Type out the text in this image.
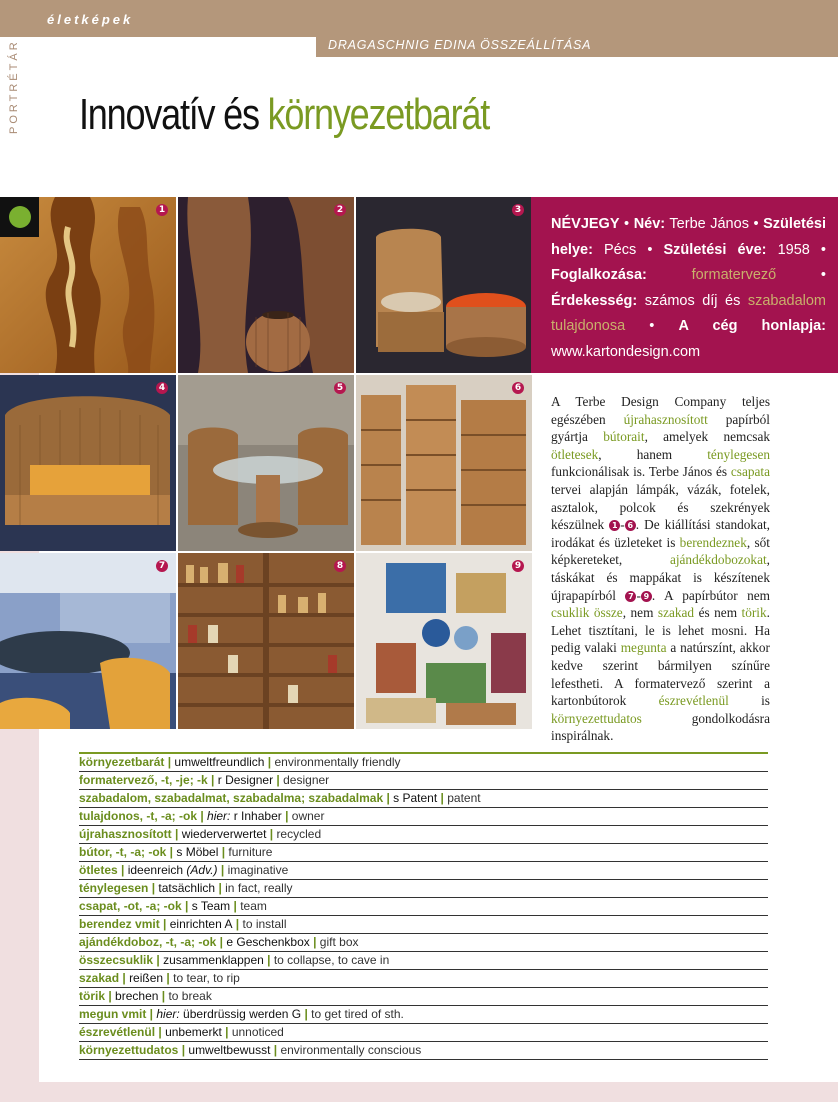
életképek
DRAGASCHNIG EDINA ÖSSZEÁLLÍTÁSA
Innovatív és környezetbarát
1	2	3
4	5	6
7	8	9
NÉVJEGY • Név: Terbe János • Születési helye: Pécs • Születési éve: 1958 • Foglalkozása:	formatervező • Érdekesség: számos díj és szabadalom tulajdonosa • A cég honlapja: www.kartondesign.com
A Terbe Design Company teljes egészében újrahasznosított papírból gyártja bútorait, amelyek nemcsak ötletesek, hanem ténylegesen funkcionálisak is. Terbe János és csapata tervei alapján lámpák, vázák, fotelek, asztalok, polcok és szekrények készülnek 1 - 6 . De kiállítási standokat, irodákat és üzleteket is berendeznek, sőt képkereteket, ajándékdobozokat, táskákat és mappákat is készítenek újrapapírból 7 - 9 . A papírbútor nem csuklik össze, nem szakad és nem törik. Lehet tisztítani, le is lehet mosni. Ha pedig valaki megunta a natúrszínt, akkor kedve szerint bármilyen színűre lefestheti. A formatervező szerint a kartonbútorok észrevétlenül is környezettudatos gondolkodásra inspirálnak.
környezetbarát | umweltfreundlich | environmentally friendly
formatervező, -t, -je; -k | r Designer | designer
szabadalom, szabadalmat, szabadalma; szabadalmak | s Patent | patent
tulajdonos, -t, -a; -ok | hier: r Inhaber | owner
újrahasznosított | wiederverwertet | recycled
bútor, -t, -a; -ok | s Möbel | furniture
ötletes | ideenreich (Adv.) | imaginative
ténylegesen | tatsächlich | in fact, really
csapat, -ot, -a; -ok | s Team | team
berendez vmit | einrichten A | to install
ajándékdoboz, -t, -a; -ok | e Geschenkbox | gift box
összecsuklik | zusammenklappen | to collapse, to cave in
szakad | reißen | to tear, to rip
törik | brechen | to break
megun vmit | hier: überdrüssig werden G | to get tired of sth.
észrevétlenül | unbemerkt | unnoticed
környezettudatos | umweltbewusst | environmentally conscious
